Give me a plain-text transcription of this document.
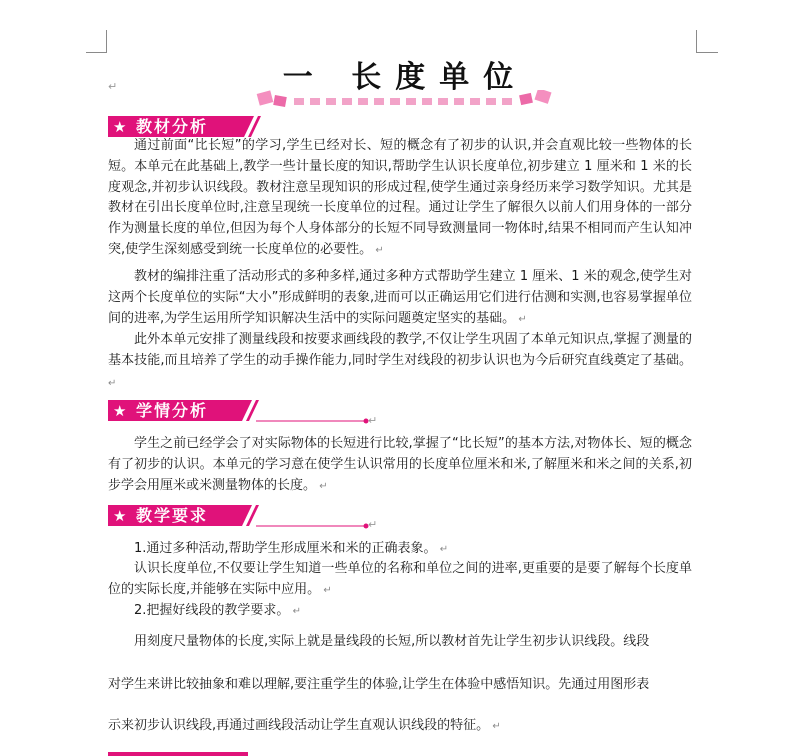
一 长度单位
↵
★ 教材分析

通过前面“比长短”的学习,学生已经对长、短的概念有了初步的认识,并会直观比较一些物体的长短。本单元在此基础上,教学一些计量长度的知识,帮助学生认识长度单位,初步建立 1 厘米和 1 米的长度观念,并初步认识线段。教材注意呈现知识的形成过程,使学生通过亲身经历来学习数学知识。尤其是教材在引出长度单位时,注意呈现统一长度单位的过程。通过让学生了解很久以前人们用身体的一部分作为测量长度的单位,但因为每个人身体部分的长短不同导致测量同一物体时,结果不相同而产生认知冲突,使学生深刻感受到统一长度单位的必要性。 ↵

教材的编排注重了活动形式的多种多样,通过多种方式帮助学生建立 1 厘米、1 米的观念,使学生对这两个长度单位的实际“大小”形成鲜明的表象,进而可以正确运用它们进行估测和实测,也容易掌握单位间的进率,为学生运用所学知识解决生活中的实际问题奠定坚实的基础。 ↵

此外本单元安排了测量线段和按要求画线段的教学,不仅让学生巩固了本单元知识点,掌握了测量的基本技能,而且培养了学生的动手操作能力,同时学生对线段的初步认识也为今后研究直线奠定了基础。 ↵

★ 学情分析
↵

学生之前已经学会了对实际物体的长短进行比较,掌握了“比长短”的基本方法,对物体长、短的概念有了初步的认识。本单元的学习意在使学生认识常用的长度单位厘米和米,了解厘米和米之间的关系,初步学会用厘米或米测量物体的长度。 ↵

★ 教学要求	↵

1.通过多种活动,帮助学生形成厘米和米的正确表象。 ↵

认识长度单位,不仅要让学生知道一些单位的名称和单位之间的进率,更重要的是要了解每个长度单位的实际长度,并能够在实际中应用。 ↵

2.把握好线段的教学要求。 ↵

用刻度尺量物体的长度,实际上就是量线段的长短,所以教材首先让学生初步认识线段。线段
对学生来讲比较抽象和难以理解,要注重学生的体验,让学生在体验中感悟知识。先通过用图形表
示来初步认识线段,再通过画线段活动让学生直观认识线段的特征。 ↵
